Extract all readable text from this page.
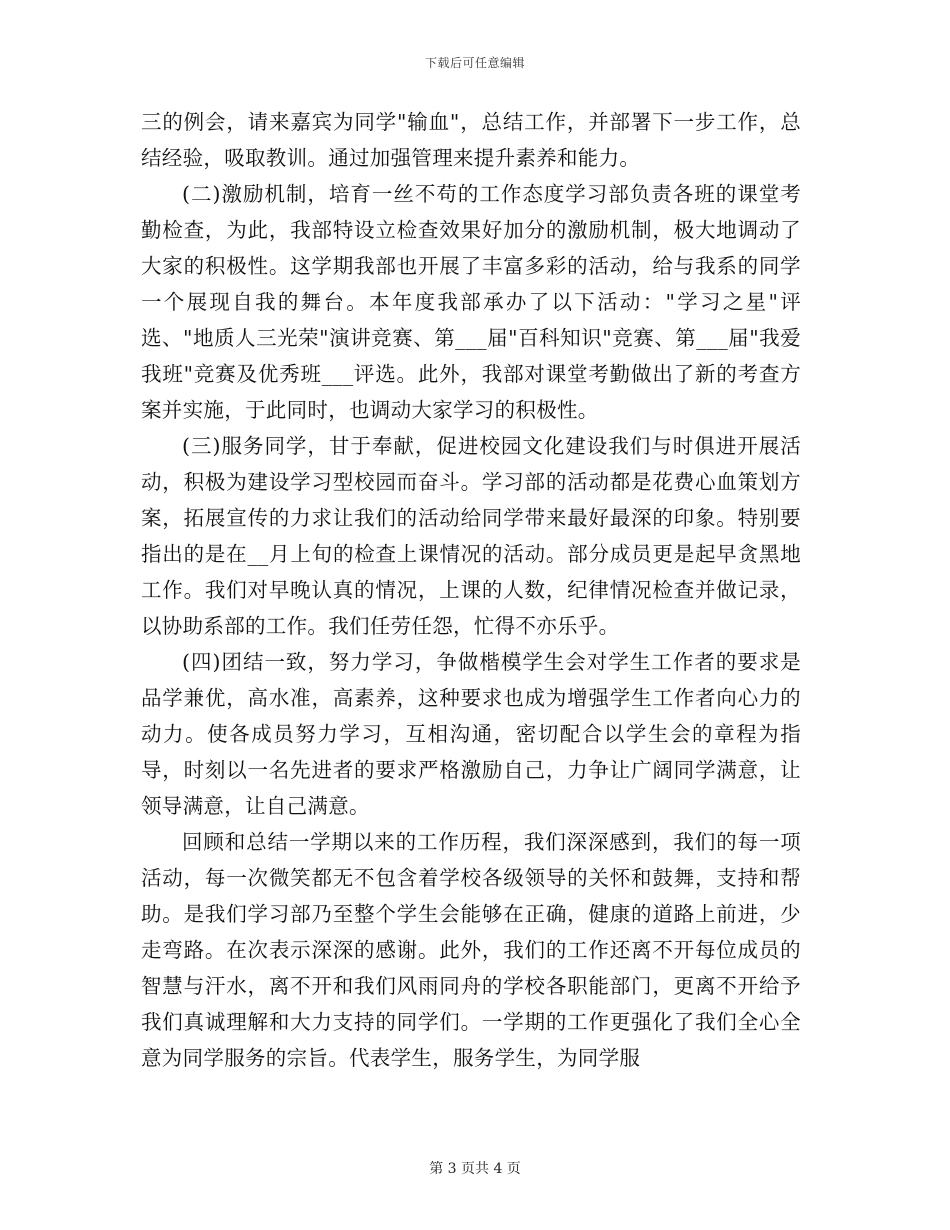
下载后可任意编辑

三的例会，请来嘉宾为同学"输血"，总结工作，并部署下一步工作，总结经验，吸取教训。通过加强管理来提升素养和能力。

(二)激励机制，培育一丝不苟的工作态度学习部负责各班的课堂考勤检查，为此，我部特设立检查效果好加分的激励机制，极大地调动了大家的积极性。这学期我部也开展了丰富多彩的活动，给与我系的同学一个展现自我的舞台。本年度我部承办了以下活动："学习之星"评选、"地质人三光荣"演讲竞赛、第___届"百科知识"竞赛、第___届"我爱我班"竞赛及优秀班___评选。此外，我部对课堂考勤做出了新的考查方案并实施，于此同时，也调动大家学习的积极性。

(三)服务同学，甘于奉献，促进校园文化建设我们与时俱进开展活动，积极为建设学习型校园而奋斗。学习部的活动都是花费心血策划方案，拓展宣传的力求让我们的活动给同学带来最好最深的印象。特别要指出的是在__月上旬的检查上课情况的活动。部分成员更是起早贪黑地工作。我们对早晚认真的情况，上课的人数，纪律情况检查并做记录，以协助系部的工作。我们任劳任怨，忙得不亦乐乎。

(四)团结一致，努力学习，争做楷模学生会对学生工作者的要求是品学兼优，高水准，高素养，这种要求也成为增强学生工作者向心力的动力。使各成员努力学习，互相沟通，密切配合以学生会的章程为指导，时刻以一名先进者的要求严格激励自己，力争让广阔同学满意，让领导满意，让自己满意。

回顾和总结一学期以来的工作历程，我们深深感到，我们的每一项活动，每一次微笑都无不包含着学校各级领导的关怀和鼓舞，支持和帮助。是我们学习部乃至整个学生会能够在正确，健康的道路上前进，少走弯路。在次表示深深的感谢。此外，我们的工作还离不开每位成员的智慧与汗水，离不开和我们风雨同舟的学校各职能部门，更离不开给予我们真诚理解和大力支持的同学们。一学期的工作更强化了我们全心全意为同学服务的宗旨。代表学生，服务学生，为同学服

第 3 页共 4 页
